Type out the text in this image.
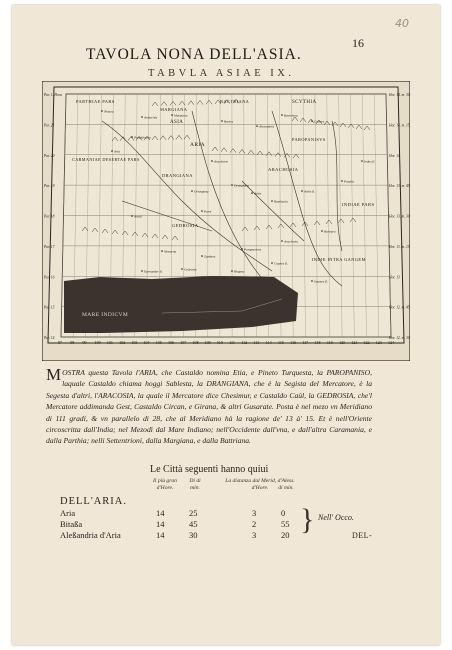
40
16
TAVOLA NONA DELL'ASIA.
TABVLA ASIAE IX.
Par. 1. Hora	Hor. 14. m. 30
Par. 21	Hor. 14. m. 15
Par. 20	Hor. 14
Par. 19	Hor. 13. m. 45
Par. 18	Hor. 13. m. 30
Par. 17	Hor. 13. m. 15
Par. 16	Hor. 13
Par. 15	Hor. 12. m. 45
Par. 14	Hor. 12. m. 30
97 98 99 100 101 102 103 104 105 106 107 108 109 110 111 112 113 114 115 116 117 118 119 120 121 122 123 124
PARTHIAE PARS
ASIA
MARGIANA
BACTRIANA	SCYTHIA
CARMANIAE DESERTAE PARS
ARIA
DRANGIANA
PAROPANISVS
ARACHOSIA
GEDROSIA
INDIAE PARS
INDIE INTRA GANGEM
MARE INDICVM
Nisaea
Antiochia	Margiana
Bactra
Alexandria
Bactriana
Cabura
Aria
Prophthasia
Arachotus
Drangiana
Ortospana	Arbis
Rambacia
Parsi
Arbiti
Musarna
Zardava
Paropanisus
Arachosia
Barbara
Patalla
Indus fl.
Arbis fl.
Etymander fl.	Gedrosia	Rhapsa
Cophes fl.
Suastus fl.
MOSTRA questa Tavola l'ARIA, che Castaldo nomina Etia, e Pineto Turquesta, la PAROPANISO, laquale Castaldo chiama hoggi Sablesta, la DRANGIANA, che è la Segista del Mercatore, è la Segesta d'altri, l'ARACOSIA, la quale il Mercatore dice Chesimur, e Castaldo Caùl, la GEDROSIA, che'l Mercatore addimanda Gest, Castaldo Circan, e Girana, & altri Gusarate. Posta è nel mezo vn Meridiano di 111 gradi, & vn parallelo di 28, che al Meridiano hà la ragione de' 13 à' 15. Et è nell'Oriente circoscritta dall'India; nel Mezodì dal Mare Indiano; nell'Occidente dall'vna, e dall'altra Caramania, e dalla Parthia; nelli Settentrioni, dalla Margiana, e dalla Battriana.
Le Città seguenti hanno quiui
Il più gran d'Hore.
Di di min.
La distanza dal Merid, d'Aless. d'Hore.	di min.
DELL'ARIA.
Aria	14	25	3	0
Bitaßa	14	45	2	55
Aleßandria d'Aria	14	30	3	20 } Nell' Occo.
DEL-
